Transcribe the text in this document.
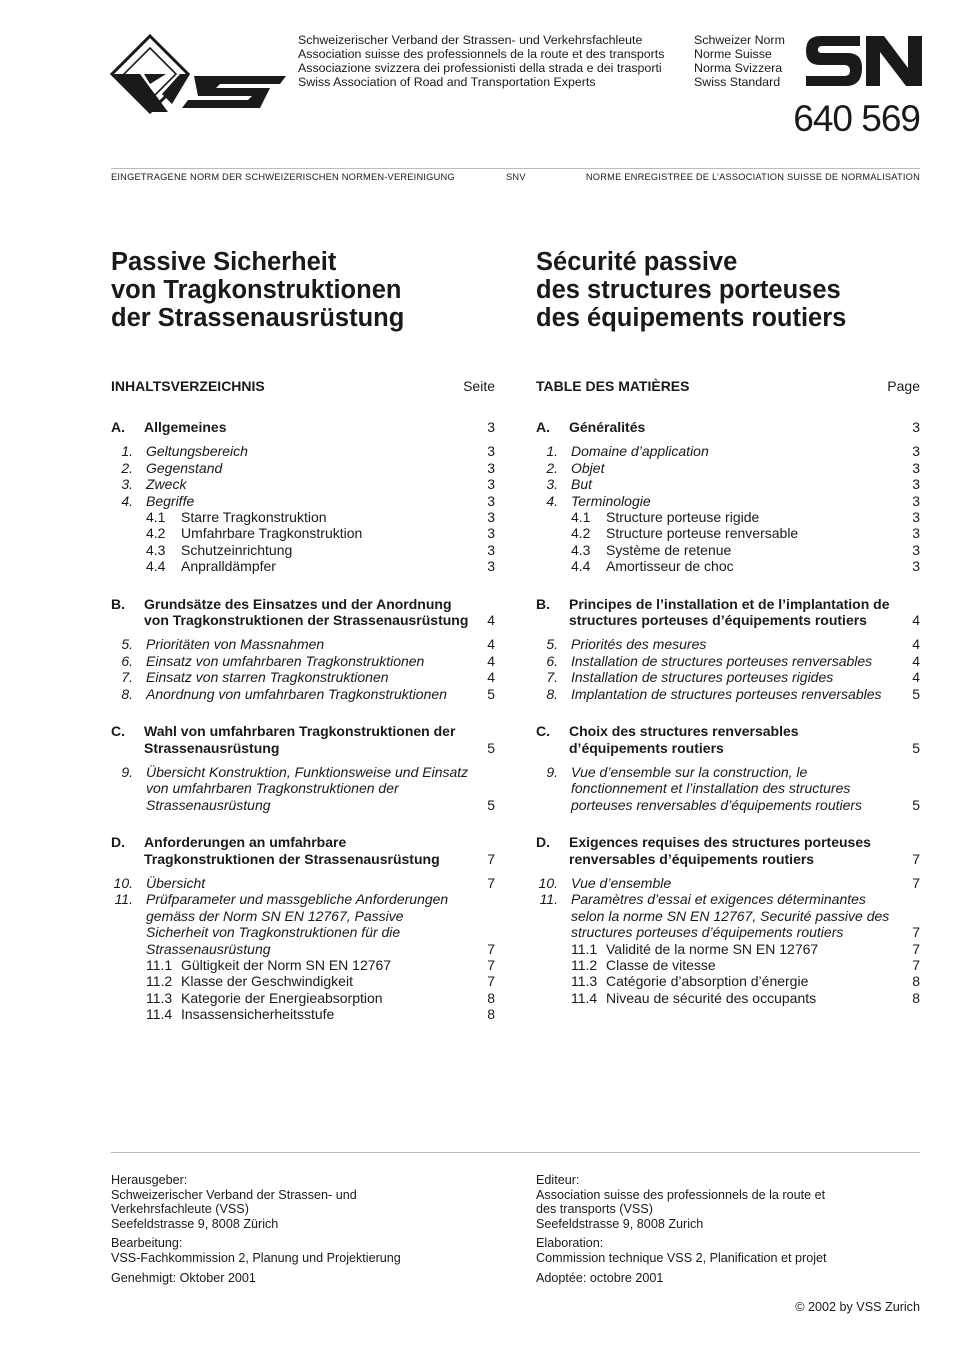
Schweizerischer Verband der Strassen- und Verkehrsfachleute
Association suisse des professionnels de la route et des transports
Associazione svizzera dei professionisti della strada e dei trasporti
Swiss Association of Road and Transportation Experts
Schweizer Norm
Norme Suisse
Norma Svizzera
Swiss Standard
640 569
EINGETRAGENE NORM DER SCHWEIZERISCHEN NORMEN-VEREINIGUNG	SNV	NORME ENREGISTREE DE L’ASSOCIATION SUISSE DE NORMALISATION
Passive Sicherheit
von Tragkonstruktionen
der Strassenausrüstung
Sécurité passive
des structures porteuses
des équipements routiers
INHALTSVERZEICHNIS	Seite
A. Allgemeines	3
1. Geltungsbereich	3
2. Gegenstand	3
3. Zweck	3
4. Begriffe	3
4.1 Starre Tragkonstruktion	3
4.2 Umfahrbare Tragkonstruktion	3
4.3 Schutzeinrichtung	3
4.4 Anpralldämpfer	3
B. Grundsätze des Einsatzes und der Anordnung von Tragkonstruktionen der Strassenausrüstung	4
5. Prioritäten von Massnahmen	4
6. Einsatz von umfahrbaren Tragkonstruktionen	4
7. Einsatz von starren Tragkonstruktionen	4
8. Anordnung von umfahrbaren Tragkonstruktionen	5
C. Wahl von umfahrbaren Tragkonstruktionen der Strassenausrüstung	5
9. Übersicht Konstruktion, Funktionsweise und Einsatz von umfahrbaren Tragkonstruktionen der Strassenausrüstung	5
D. Anforderungen an umfahrbare Tragkonstruktionen der Strassenausrüstung	7
10. Übersicht	7
11. Prüfparameter und massgebliche Anforderungen gemäss der Norm SN EN 12767, Passive Sicherheit von Tragkonstruktionen für die Strassenausrüstung	7
11.1 Gültigkeit der Norm SN EN 12767	7
11.2 Klasse der Geschwindigkeit	7
11.3 Kategorie der Energieabsorption	8
11.4 Insassensicherheitsstufe	8
TABLE DES MATIÈRES	Page
A. Généralités	3
1. Domaine d’application	3
2. Objet	3
3. But	3
4. Terminologie	3
4.1 Structure porteuse rigide	3
4.2 Structure porteuse renversable	3
4.3 Système de retenue	3
4.4 Amortisseur de choc	3
B. Principes de l’installation et de l’implantation de structures porteuses d’équipements routiers	4
5. Priorités des mesures	4
6. Installation de structures porteuses renversables	4
7. Installation de structures porteuses rigides	4
8. Implantation de structures porteuses renversables	5
C. Choix des structures renversables d’équipements routiers	5
9. Vue d’ensemble sur la construction, le fonctionnement et l’installation des structures porteuses renversables d’équipements routiers	5
D. Exigences requises des structures porteuses renversables d’équipements routiers	7
10. Vue d’ensemble	7
11. Paramètres d’essai et exigences déterminantes selon la norme SN EN 12767, Securité passive des structures porteuses d’équipements routiers	7
11.1 Validité de la norme SN EN 12767	7
11.2 Classe de vitesse	7
11.3 Catégorie d’absorption d’énergie	8
11.4 Niveau de sécurité des occupants	8

Herausgeber:
Schweizerischer Verband der Strassen- und
Verkehrsfachleute (VSS)
Seefeldstrasse 9, 8008 Zürich

Bearbeitung:
VSS-Fachkommission 2, Planung und Projektierung

Genehmigt: Oktober 2001

Editeur:
Association suisse des professionnels de la route et
des transports (VSS)
Seefeldstrasse 9, 8008 Zurich

Elaboration:
Commission technique VSS 2, Planification et projet

Adoptée: octobre 2001

© 2002 by VSS Zurich
